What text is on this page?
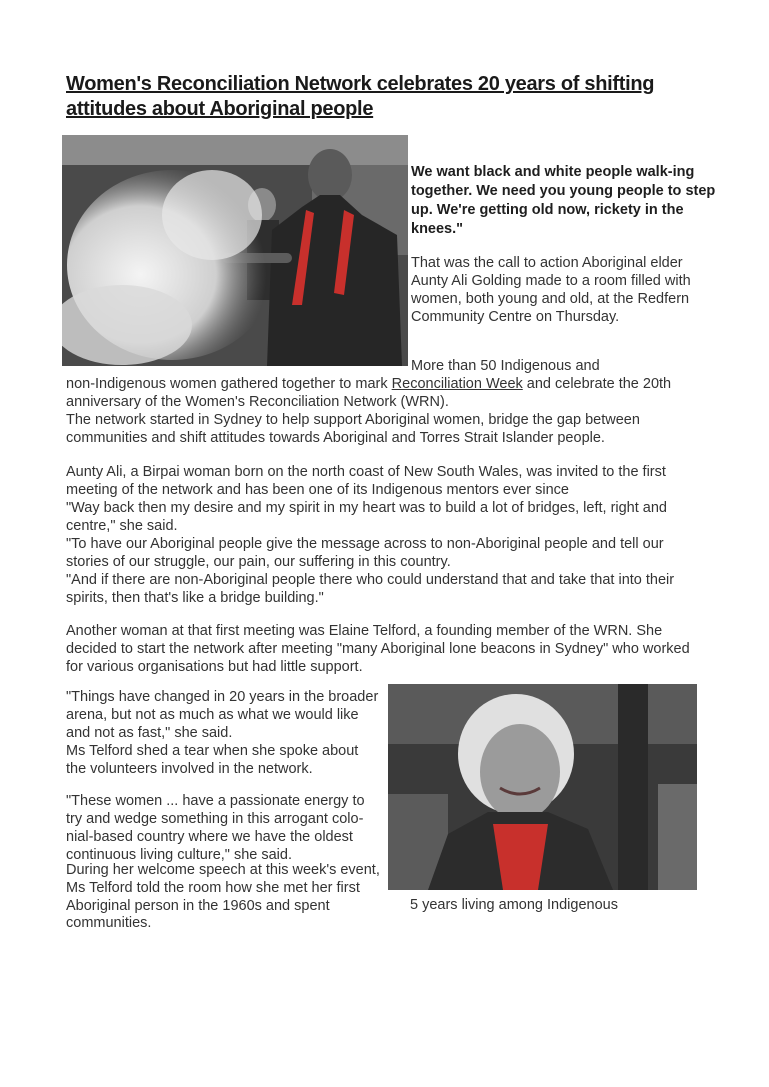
Women's Reconciliation Network celebrates 20 years of shifting attitudes about Aboriginal people

We want black and white people walk-ing together. We need you young people to step up. We're getting old now, rickety in the knees."

That was the call to action Aboriginal elder Aunty Ali Golding made to a room filled with women, both young and old, at the Redfern Community Centre on Thursday.

More than 50 Indigenous and

non-Indigenous women gathered together to mark Reconciliation Week and celebrate the 20th anniversary of the Women's Reconciliation Network (WRN).

The network started in Sydney to help support Aboriginal women, bridge the gap between communities and shift attitudes towards Aboriginal and Torres Strait Islander people.

Aunty Ali, a Birpai woman born on the north coast of New South Wales, was invited to the first meeting of the network and has been one of its Indigenous mentors ever since

"Way back then my desire and my spirit in my heart was to build a lot of bridges, left, right and centre," she said.

"To have our Aboriginal people give the message across to non-Aboriginal people and tell our stories of our struggle, our pain, our suffering in this country.

"And if there are non-Aboriginal people there who could understand that and take that into their spirits, then that's like a bridge building."

Another woman at that first meeting was Elaine Telford, a founding member of the WRN. She decided to start the network after meeting "many Aboriginal lone beacons in Sydney" who worked for various organisations but had little support.

"Things have changed in 20 years in the broader arena, but not as much as what we would like and not as fast," she said.

Ms Telford shed a tear when she spoke about the volunteers involved in the network.

"These women ... have a passionate energy to try and wedge something in this arrogant colo-nial-based country where we have the oldest continuous living culture," she said.

During her welcome speech at this week's event, Ms Telford told the room how she met her first Aboriginal person in the 1960s and spent	5 years living among Indigenous

communities.
